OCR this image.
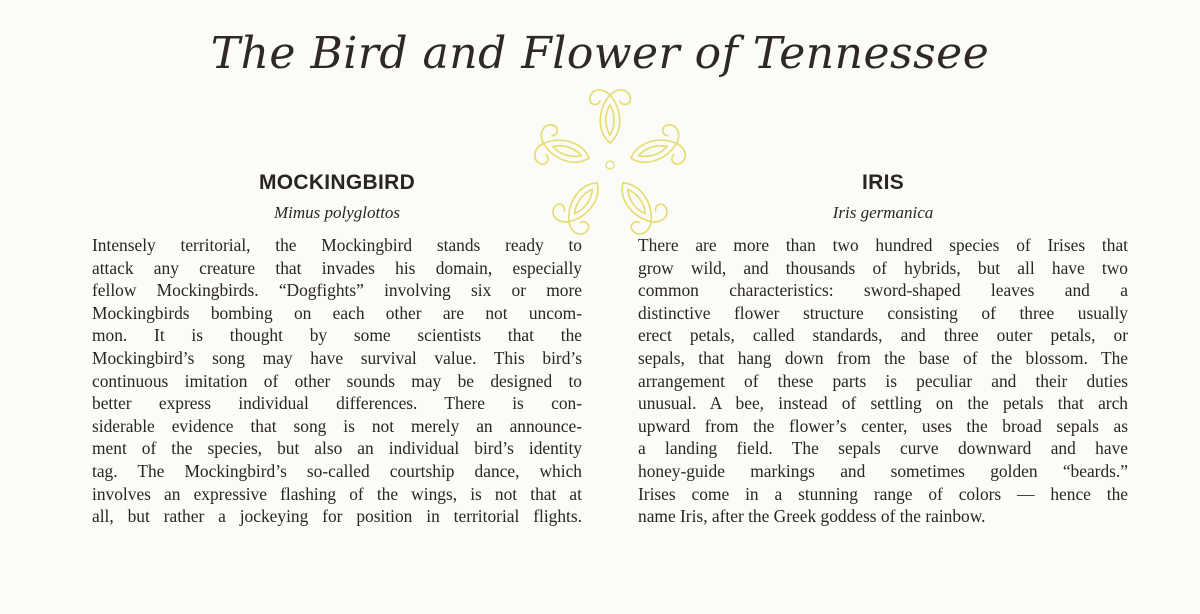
The Bird and Flower of Tennessee
MOCKINGBIRD
Mimus polyglottos
Intensely territorial, the Mockingbird stands ready to
attack any creature that invades his domain, especially
fellow Mockingbirds. “Dogfights” involving six or more
Mockingbirds bombing on each other are not uncom-
mon. It is thought by some scientists that the
Mockingbird’s song may have survival value. This bird’s
continuous imitation of other sounds may be designed to
better express individual differences. There is con-
siderable evidence that song is not merely an announce-
ment of the species, but also an individual bird’s identity
tag. The Mockingbird’s so-called courtship dance, which
involves an expressive flashing of the wings, is not that at
all, but rather a jockeying for position in territorial flights.
IRIS
Iris germanica
There are more than two hundred species of Irises that
grow wild, and thousands of hybrids, but all have two
common characteristics: sword-shaped leaves and a
distinctive flower structure consisting of three usually
erect petals, called standards, and three outer petals, or
sepals, that hang down from the base of the blossom. The
arrangement of these parts is peculiar and their duties
unusual. A bee, instead of settling on the petals that arch
upward from the flower’s center, uses the broad sepals as
a landing field. The sepals curve downward and have
honey-guide markings and sometimes golden “beards.”
Irises come in a stunning range of colors — hence the
name Iris, after the Greek goddess of the rainbow.
